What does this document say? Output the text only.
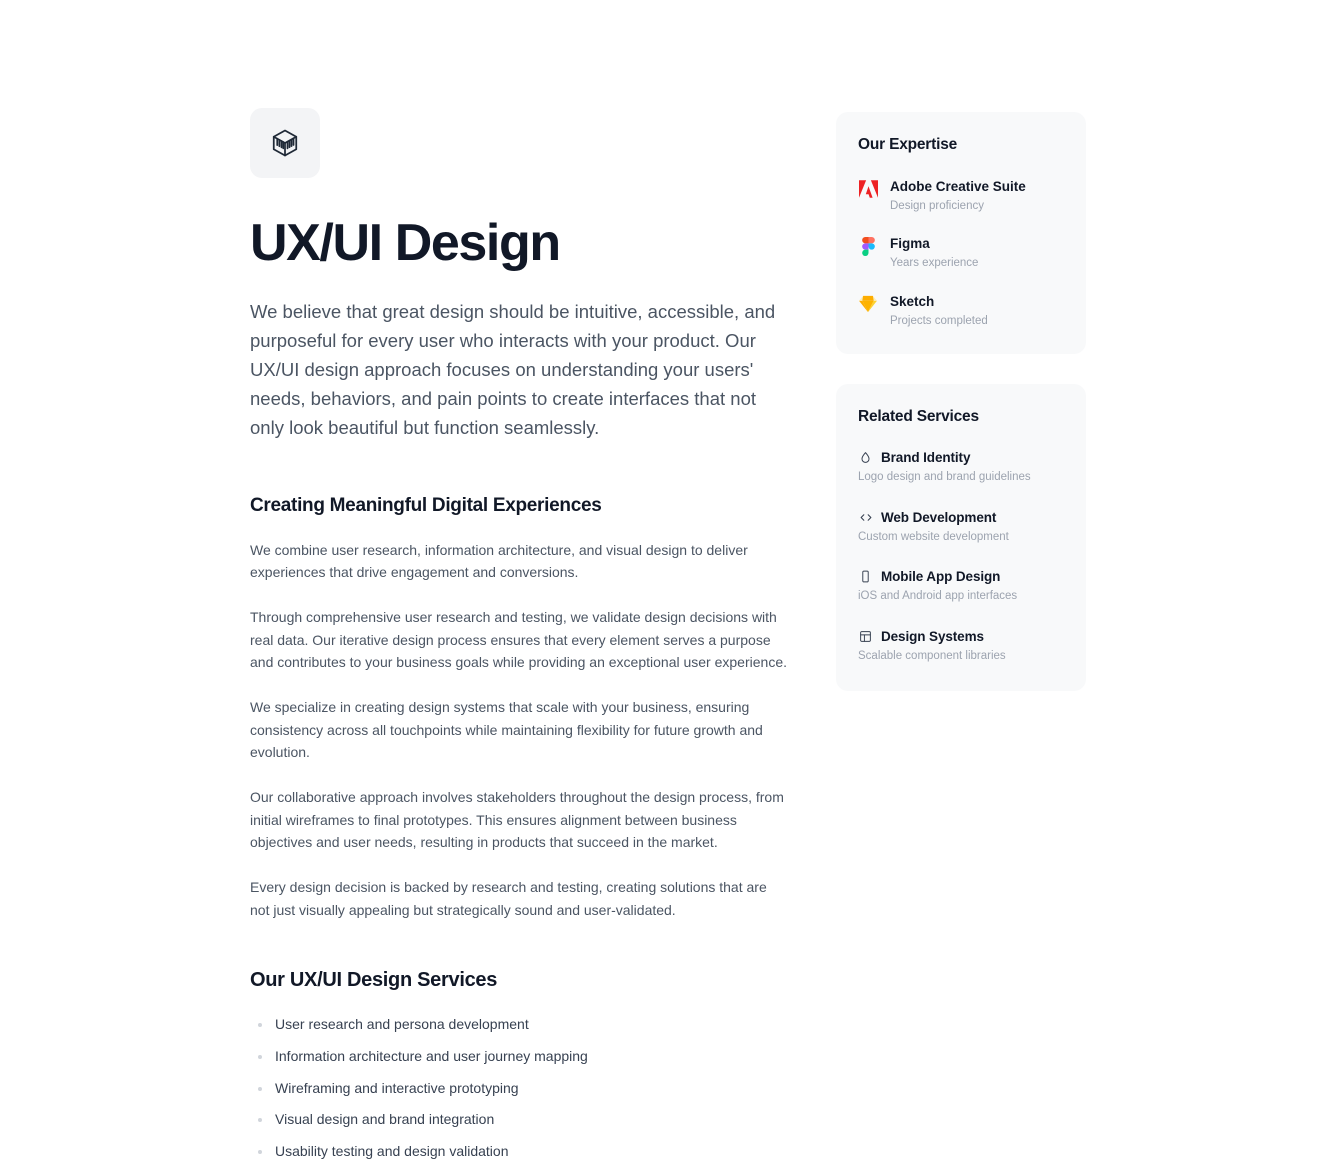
UX/UI Design

We believe that great design should be intuitive, accessible, and purposeful for every user who interacts with your product. Our UX/UI design approach focuses on understanding your users' needs, behaviors, and pain points to create interfaces that not only look beautiful but function seamlessly.

Creating Meaningful Digital Experiences

We combine user research, information architecture, and visual design to deliver experiences that drive engagement and conversions.

Through comprehensive user research and testing, we validate design decisions with real data. Our iterative design process ensures that every element serves a purpose and contributes to your business goals while providing an exceptional user experience.

We specialize in creating design systems that scale with your business, ensuring consistency across all touchpoints while maintaining flexibility for future growth and evolution.

Our collaborative approach involves stakeholders throughout the design process, from initial wireframes to final prototypes. This ensures alignment between business objectives and user needs, resulting in products that succeed in the market.

Every design decision is backed by research and testing, creating solutions that are not just visually appealing but strategically sound and user-validated.

Our UX/UI Design Services
User research and persona development
Information architecture and user journey mapping
Wireframing and interactive prototyping
Visual design and brand integration
Usability testing and design validation
Our Expertise
Adobe Creative Suite
Design proficiency
Figma
Years experience
Sketch
Projects completed
Related Services
Brand Identity
Logo design and brand guidelines
Web Development
Custom website development
Mobile App Design
iOS and Android app interfaces
Design Systems
Scalable component libraries
